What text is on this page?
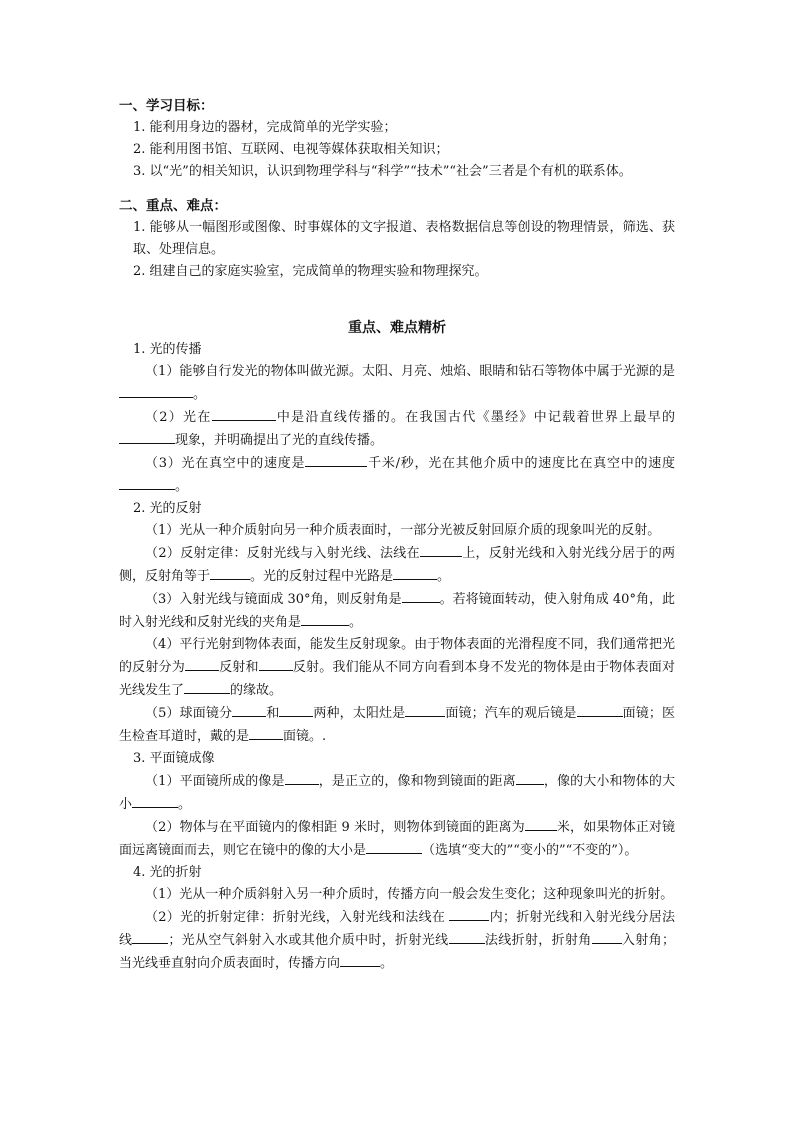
一、学习目标：
1. 能利用身边的器材，完成简单的光学实验；
2. 能利用图书馆、互联网、电视等媒体获取相关知识；
3. 以“光”的相关知识，认识到物理学科与“科学”“技术”“社会”三者是个有机的联系体。
二、重点、难点：
1. 能够从一幅图形或图像、时事媒体的文字报道、表格数据信息等创设的物理情景，筛选、获取、处理信息。
2. 组建自己的家庭实验室，完成简单的物理实验和物理探究。
重点、难点精析
1. 光的传播
（1）能够自行发光的物体叫做光源。太阳、月亮、烛焰、眼睛和钻石等物体中属于光源的是。
（2）光在	中是沿直线传播的。在我国古代《墨经》中记载着世界上最早的现象，并明确提出了光的直线传播。
（3）光在真空中的速度是	千米/秒，光在其他介质中的速度比在真空中的速度。
2. 光的反射
（1）光从一种介质射向另一种介质表面时，一部分光被反射回原介质的现象叫光的反射。
（2）反射定律：反射光线与入射光线、法线在	上，反射光线和入射光线分居于的两侧，反射角等于	。光的反射过程中光路是	。
（3）入射光线与镜面成 30°角，则反射角是	。若将镜面转动，使入射角成 40°角，此时入射光线和反射光线的夹角是	。
（4）平行光射到物体表面，能发生反射现象。由于物体表面的光滑程度不同，我们通常把光的反射分为	反射和	反射。我们能从不同方向看到本身不发光的物体是由于物体表面对光线发生了	的缘故。
（5）球面镜分	和	两种，太阳灶是	面镜；汽车的观后镜是	面镜；医生检查耳道时，戴的是	面镜。.
3. 平面镜成像
（1）平面镜所成的像是	，是正立的，像和物到镜面的距离 ，像的大小和物体的大小	。
（2）物体与在平面镜内的像相距 9 米时，则物体到镜面的距离为 米，如果物体正对镜面远离镜面而去，则它在镜中的像的大小是	（选填“变大的”“变小的”“不变的”）。
4. 光的折射
（1）光从一种介质斜射入另一种介质时，传播方向一般会发生变化；这种现象叫光的折射。
（2）光的折射定律：折射光线，入射光线和法线在	内；折射光线和入射光线分居法线	；光从空气斜射入水或其他介质中时，折射光线	法线折射，折射角 入射角；当光线垂直射向介质表面时，传播方向	。
